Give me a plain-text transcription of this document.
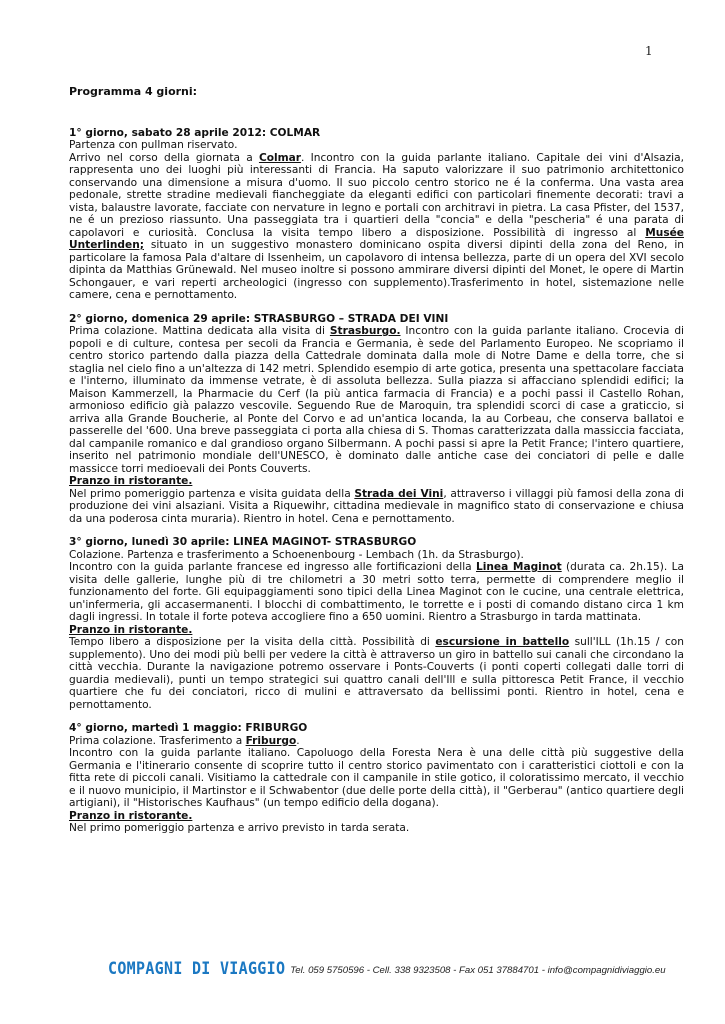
1

Programma 4 giorni:

1° giorno, sabato 28 aprile 2012: COLMAR

Partenza con pullman riservato.

Arrivo nel corso della giornata a Colmar. Incontro con la guida parlante italiano. Capitale dei vini d'Alsazia, rappresenta uno dei luoghi più interessanti di Francia. Ha saputo valorizzare il suo patrimonio architettonico conservando una dimensione a misura d'uomo. Il suo piccolo centro storico ne é la conferma. Una vasta area pedonale, strette stradine medievali fiancheggiate da eleganti edifici con particolari finemente decorati: travi a vista, balaustre lavorate, facciate con nervature in legno e portali con architravi in pietra. La casa Pfister, del 1537, ne é un prezioso riassunto. Una passeggiata tra i quartieri della "concia" e della "pescheria" é una parata di capolavori e curiosità. Conclusa la visita tempo libero a disposizione. Possibilità di ingresso al Musée Unterlinden; situato in un suggestivo monastero dominicano ospita diversi dipinti della zona del Reno, in particolare la famosa Pala d'altare di Issenheim, un capolavoro di intensa bellezza, parte di un opera del XVI secolo dipinta da Matthias Grünewald. Nel museo inoltre si possono ammirare diversi dipinti del Monet, le opere di Martin Schongauer, e vari reperti archeologici (ingresso con supplemento).Trasferimento in hotel, sistemazione nelle camere, cena e pernottamento.

2° giorno, domenica 29 aprile: STRASBURGO – STRADA DEI VINI

Prima colazione. Mattina dedicata alla visita di Strasburgo. Incontro con la guida parlante italiano. Crocevia di popoli e di culture, contesa per secoli da Francia e Germania, è sede del Parlamento Europeo. Ne scopriamo il centro storico partendo dalla piazza della Cattedrale dominata dalla mole di Notre Dame e della torre, che si staglia nel cielo fino a un'altezza di 142 metri. Splendido esempio di arte gotica, presenta una spettacolare facciata e l'interno, illuminato da immense vetrate, è di assoluta bellezza. Sulla piazza si affacciano splendidi edifici; la Maison Kammerzell, la Pharmacie du Cerf (la più antica farmacia di Francia) e a pochi passi il Castello Rohan, armonioso edificio già palazzo vescovile. Seguendo Rue de Maroquin, tra splendidi scorci di case a graticcio, si arriva alla Grande Boucherie, al Ponte del Corvo e ad un'antica locanda, la au Corbeau, che conserva ballatoi e passerelle del '600. Una breve passeggiata ci porta alla chiesa di S. Thomas caratterizzata dalla massiccia facciata, dal campanile romanico e dal grandioso organo Silbermann. A pochi passi si apre la Petit France; l'intero quartiere, inserito nel patrimonio mondiale dell'UNESCO, è dominato dalle antiche case dei conciatori di pelle e dalle massicce torri medioevali dei Ponts Couverts.

Pranzo in ristorante.

Nel primo pomeriggio partenza e visita guidata della Strada dei Vini, attraverso i villaggi più famosi della zona di produzione dei vini alsaziani. Visita a Riquewihr, cittadina medievale in magnifico stato di conservazione e chiusa da una poderosa cinta muraria). Rientro in hotel. Cena e pernottamento.

3° giorno, lunedì 30 aprile: LINEA MAGINOT- STRASBURGO

Colazione. Partenza e trasferimento a Schoenenbourg - Lembach (1h. da Strasburgo).

Incontro con la guida parlante francese ed ingresso alle fortificazioni della Linea Maginot (durata ca. 2h.15). La visita delle gallerie, lunghe più di tre chilometri a 30 metri sotto terra, permette di comprendere meglio il funzionamento del forte. Gli equipaggiamenti sono tipici della Linea Maginot con le cucine, una centrale elettrica, un'infermeria, gli accasermanenti. I blocchi di combattimento, le torrette e i posti di comando distano circa 1 km dagli ingressi. In totale il forte poteva accogliere fino a 650 uomini. Rientro a Strasburgo in tarda mattinata.

Pranzo in ristorante.

Tempo libero a disposizione per la visita della città. Possibilità di escursione in battello sull'ILL (1h.15 / con supplemento). Uno dei modi più belli per vedere la città è attraverso un giro in battello sui canali che circondano la città vecchia. Durante la navigazione potremo osservare i Ponts-Couverts (i ponti coperti collegati dalle torri di guardia medievali), punti un tempo strategici sui quattro canali dell'Ill e sulla pittoresca Petit France, il vecchio quartiere che fu dei conciatori, ricco di mulini e attraversato da bellissimi ponti. Rientro in hotel, cena e pernottamento.

4° giorno, martedì 1 maggio: FRIBURGO

Prima colazione. Trasferimento a Friburgo.

Incontro con la guida parlante italiano. Capoluogo della Foresta Nera è una delle città più suggestive della Germania e l'itinerario consente di scoprire tutto il centro storico pavimentato con i caratteristici ciottoli e con la fitta rete di piccoli canali. Visitiamo la cattedrale con il campanile in stile gotico, il coloratissimo mercato, il vecchio e il nuovo municipio, il Martinstor e il Schwabentor (due delle porte della città), il "Gerberau" (antico quartiere degli artigiani), il "Historisches Kaufhaus" (un tempo edificio della dogana).

Pranzo in ristorante.

Nel primo pomeriggio partenza e arrivo previsto in tarda serata.

COMPAGNI DI VIAGGIO Tel. 059 5750596 - Cell. 338 9323508 - Fax 051 37884701 - info@compagnidiviaggio.eu
